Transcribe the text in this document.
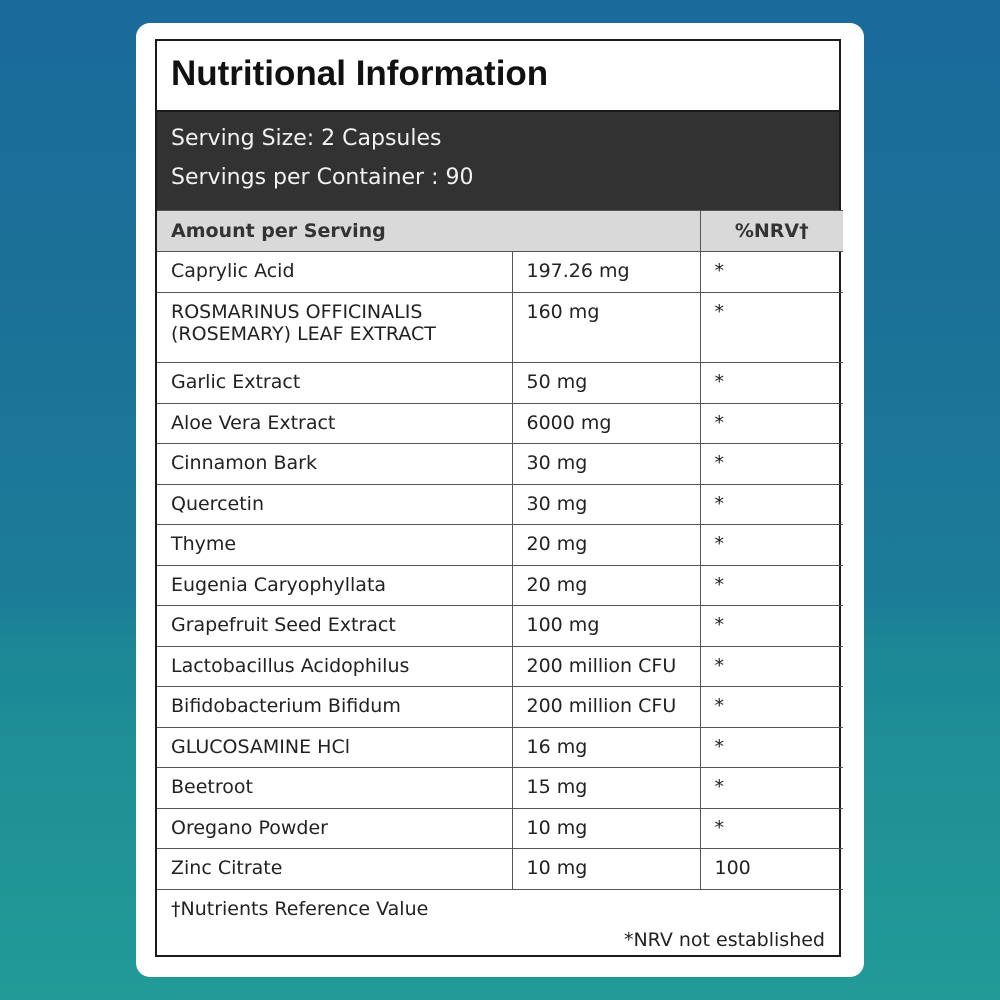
Nutritional Information
Serving Size: 2 Capsules
Servings per Container : 90
Amount per Serving		%NRV†
Caprylic Acid	197.26 mg	*
ROSMARINUS OFFICINALIS (ROSEMARY) LEAF EXTRACT	160 mg	*
Garlic Extract	50 mg	*
Aloe Vera Extract	6000 mg	*
Cinnamon Bark	30 mg	*
Quercetin	30 mg	*
Thyme	20 mg	*
Eugenia Caryophyllata	20 mg	*
Grapefruit Seed Extract	100 mg	*
Lactobacillus Acidophilus	200 million CFU	*
Bifidobacterium Bifidum	200 million CFU	*
GLUCOSAMINE HCl	16 mg	*
Beetroot	15 mg	*
Oregano Powder	10 mg	*
Zinc Citrate	10 mg	100
†Nutrients Reference Value
*NRV not established
